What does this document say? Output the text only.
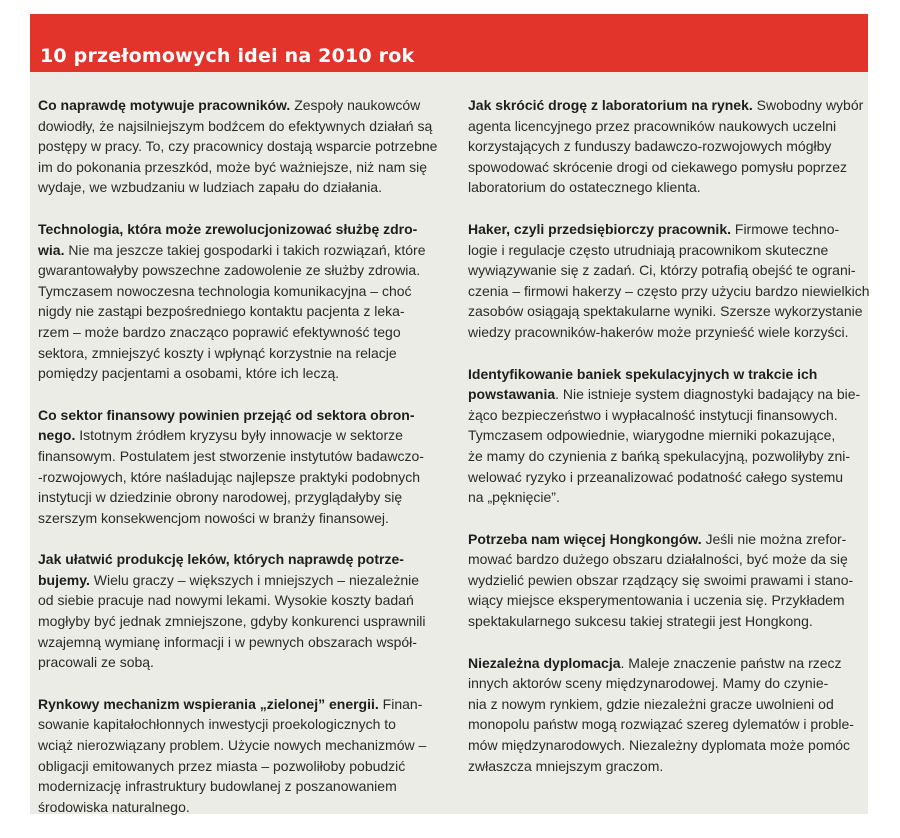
10 przełomowych idei na 2010 rok

Co naprawdę motywuje pracowników. Zespoły naukowców
dowiodły, że najsilniejszym bodźcem do efektywnych działań są
postępy w pracy. To, czy pracownicy dostają wsparcie potrzebne
im do pokonania przeszkód, może być ważniejsze, niż nam się
wydaje, we wzbudzaniu w ludziach zapału do działania.

Technologia, która może zrewolucjonizować służbę zdro-
wia. Nie ma jeszcze takiej gospodarki i takich rozwiązań, które
gwarantowałyby powszechne zadowolenie ze służby zdrowia.
Tymczasem nowoczesna technologia komunikacyjna – choć
nigdy nie zastąpi bezpośredniego kontaktu pacjenta z leka-
rzem – może bardzo znacząco poprawić efektywność tego
sektora, zmniejszyć koszty i wpłynąć korzystnie na relacje
pomiędzy pacjentami a osobami, które ich leczą.

Co sektor finansowy powinien przejąć od sektora obron-
nego. Istotnym źródłem kryzysu były innowacje w sektorze
finansowym. Postulatem jest stworzenie instytutów badawczo-
-rozwojowych, które naśladując najlepsze praktyki podobnych
instytucji w dziedzinie obrony narodowej, przyglądałyby się
szerszym konsekwencjom nowości w branży finansowej.

Jak ułatwić produkcję leków, których naprawdę potrze-
bujemy. Wielu graczy – większych i mniejszych – niezależnie
od siebie pracuje nad nowymi lekami. Wysokie koszty badań
mogłyby być jednak zmniejszone, gdyby konkurenci usprawnili
wzajemną wymianę informacji i w pewnych obszarach współ-
pracowali ze sobą.

Rynkowy mechanizm wspierania „zielonej” energii. Finan-
sowanie kapitałochłonnych inwestycji proekologicznych to
wciąż nierozwiązany problem. Użycie nowych mechanizmów –
obligacji emitowanych przez miasta – pozwoliłoby pobudzić
modernizację infrastruktury budowlanej z poszanowaniem
środowiska naturalnego.

Jak skrócić drogę z laboratorium na rynek. Swobodny wybór
agenta licencyjnego przez pracowników naukowych uczelni
korzystających z funduszy badawczo-rozwojowych mógłby
spowodować skrócenie drogi od ciekawego pomysłu poprzez
laboratorium do ostatecznego klienta.

Haker, czyli przedsiębiorczy pracownik. Firmowe techno-
logie i regulacje często utrudniają pracownikom skuteczne
wywiązywanie się z zadań. Ci, którzy potrafią obejść te ograni-
czenia – firmowi hakerzy – często przy użyciu bardzo niewielkich
zasobów osiągają spektakularne wyniki. Szersze wykorzystanie
wiedzy pracowników-hakerów może przynieść wiele korzyści.

Identyfikowanie baniek spekulacyjnych w trakcie ich
powstawania. Nie istnieje system diagnostyki badający na bie-
żąco bezpieczeństwo i wypłacalność instytucji finansowych.
Tymczasem odpowiednie, wiarygodne mierniki pokazujące,
że mamy do czynienia z bańką spekulacyjną, pozwoliłyby zni-
welować ryzyko i przeanalizować podatność całego systemu
na „pęknięcie”.

Potrzeba nam więcej Hongkongów. Jeśli nie można zrefor-
mować bardzo dużego obszaru działalności, być może da się
wydzielić pewien obszar rządzący się swoimi prawami i stano-
wiący miejsce eksperymentowania i uczenia się. Przykładem
spektakularnego sukcesu takiej strategii jest Hongkong.

Niezależna dyplomacja. Maleje znaczenie państw na rzecz
innych aktorów sceny międzynarodowej. Mamy do czynie-
nia z nowym rynkiem, gdzie niezależni gracze uwolnieni od
monopolu państw mogą rozwiązać szereg dylematów i proble-
mów międzynarodowych. Niezależny dyplomata może pomóc
zwłaszcza mniejszym graczom.
